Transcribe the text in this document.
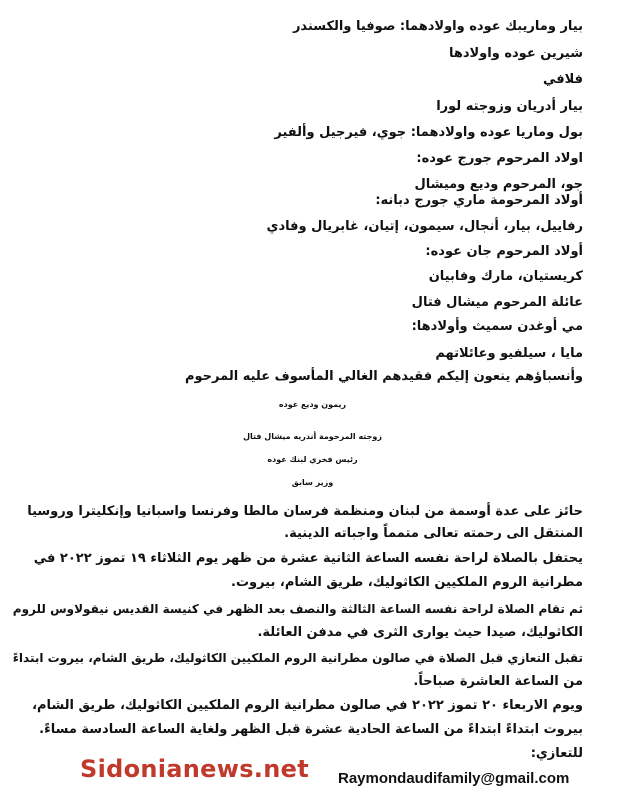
بيار وماريبك عوده واولادهما: صوفيا والكسندر
شيرين عوده واولادها
فلافي
بيار أدريان وزوجته لورا
بول وماريا عوده واولادهما: جوي، فيرجيل وألفير
اولاد المرحوم جورج عوده:
جو، المرحوم وديع وميشال
أولاد المرحومة ماري جورج دبانه:
رفاييل، بيار، أنجال، سيمون، إتيان، غابريال وفادي
أولاد المرحوم جان عوده:
كريستيان، مارك وفابيان
عائلة المرحوم ميشال فتال
مي أوغدن سميث وأولادها:
مايا ، سيلفيو وعائلاتهم
وأنسباؤهم ينعون إليكم فقيدهم الغالي المأسوف عليه المرحوم
ريمون وديع عوده
زوجته المرحومة أندريه ميشال فتال
رئيس فخري لبنك عوده
وزير سابق
حائز على عدة أوسمة من لبنان ومنظمة فرسان مالطا وفرنسا واسبانيا وإنكليترا وروسيا
المنتقل الى رحمته تعالى متمماً واجباته الدينية.
يحتفل بالصلاة لراحة نفسه الساعة الثانية عشرة من ظهر يوم الثلاثاء ١٩ تموز ٢٠٢٢ في
مطرانية الروم الملكيين الكاثوليك، طريق الشام، بيروت.
ثم تقام الصلاة لراحة نفسه الساعة الثالثة والنصف بعد الظهر في كنيسة القديس نيقولاوس للروم
الكاثوليك، صيدا حيث يوارى الثرى في مدفن العائلة.
تقبل التعازي قبل الصلاة في صالون مطرانية الروم الملكيين الكاثوليك، طريق الشام، بيروت ابتداءً
من الساعة العاشرة صباحاً.
ويوم الاربعاء ٢٠ تموز ٢٠٢٢ في صالون مطرانية الروم الملكيين الكاثوليك، طريق الشام،
بيروت ابتداءً ابتداءً من الساعة الحادية عشرة قبل الظهر ولغاية الساعة السادسة مساءً.
للتعازي:
Sidonianews.net Raymondaudifamily@gmail.com
